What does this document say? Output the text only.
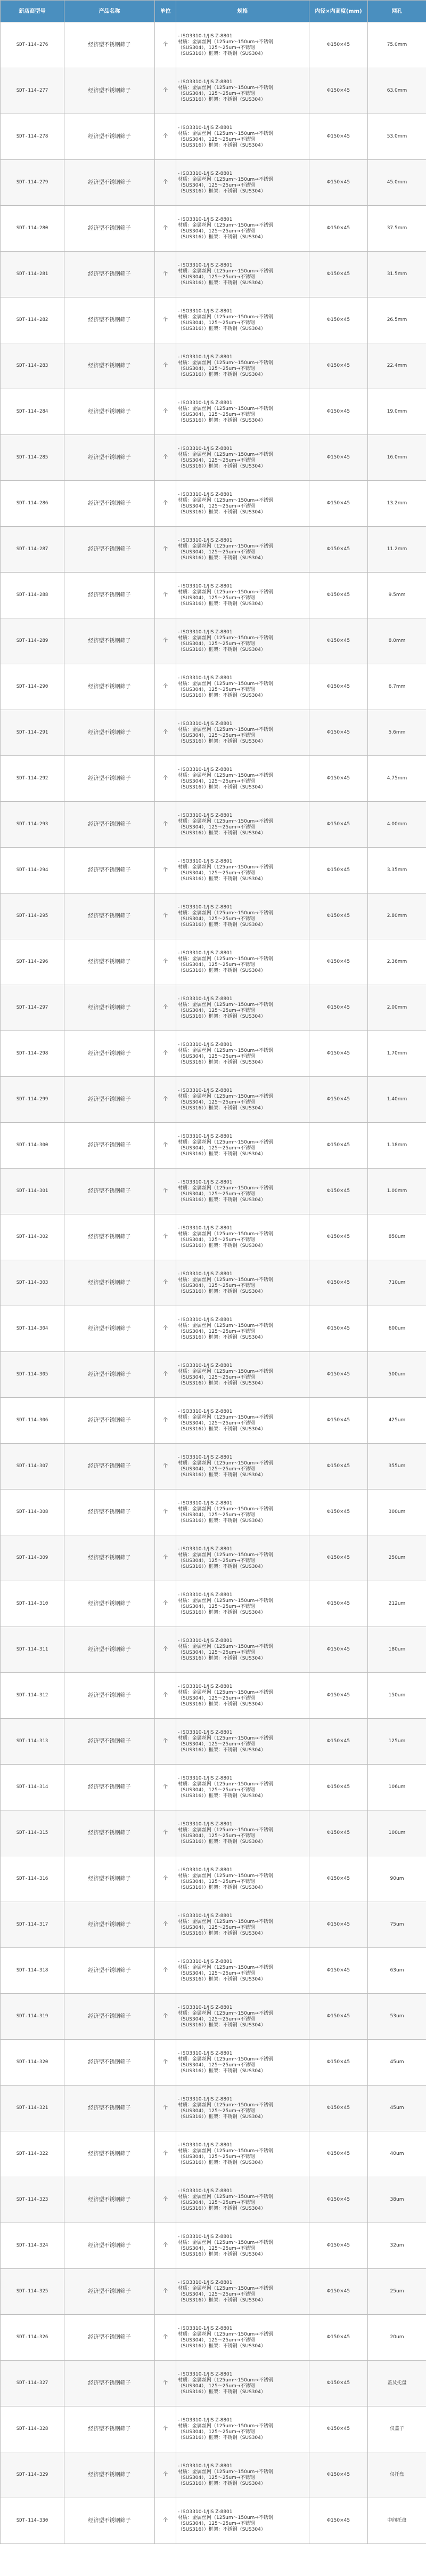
新店商型号	产品名称	单位	规格	内径×内高度(mm)	网孔
SDT-114-276	经济型不锈钢筛子	个	- ISO3310-1/JIS Z-8801
材质：金属丝网（125um～150um→不锈钢
（SUS304），125～25um→不锈钢
（SUS316））框架：不锈钢（SUS304）	Φ150×45	75.0mm
SDT-114-277	经济型不锈钢筛子	个	- ISO3310-1/JIS Z-8801
材质：金属丝网（125um～150um→不锈钢
（SUS304），125～25um→不锈钢
（SUS316））框架：不锈钢（SUS304）	Φ150×45	63.0mm
SDT-114-278	经济型不锈钢筛子	个	- ISO3310-1/JIS Z-8801
材质：金属丝网（125um～150um→不锈钢
（SUS304），125～25um→不锈钢
（SUS316））框架：不锈钢（SUS304）	Φ150×45	53.0mm
SDT-114-279	经济型不锈钢筛子	个	- ISO3310-1/JIS Z-8801
材质：金属丝网（125um～150um→不锈钢
（SUS304），125～25um→不锈钢
（SUS316））框架：不锈钢（SUS304）	Φ150×45	45.0mm
SDT-114-280	经济型不锈钢筛子	个	- ISO3310-1/JIS Z-8801
材质：金属丝网（125um～150um→不锈钢
（SUS304），125～25um→不锈钢
（SUS316））框架：不锈钢（SUS304）	Φ150×45	37.5mm
SDT-114-281	经济型不锈钢筛子	个	- ISO3310-1/JIS Z-8801
材质：金属丝网（125um～150um→不锈钢
（SUS304），125～25um→不锈钢
（SUS316））框架：不锈钢（SUS304）	Φ150×45	31.5mm
SDT-114-282	经济型不锈钢筛子	个	- ISO3310-1/JIS Z-8801
材质：金属丝网（125um～150um→不锈钢
（SUS304），125～25um→不锈钢
（SUS316））框架：不锈钢（SUS304）	Φ150×45	26.5mm
SDT-114-283	经济型不锈钢筛子	个	- ISO3310-1/JIS Z-8801
材质：金属丝网（125um～150um→不锈钢
（SUS304），125～25um→不锈钢
（SUS316））框架：不锈钢（SUS304）	Φ150×45	22.4mm
SDT-114-284	经济型不锈钢筛子	个	- ISO3310-1/JIS Z-8801
材质：金属丝网（125um～150um→不锈钢
（SUS304），125～25um→不锈钢
（SUS316））框架：不锈钢（SUS304）	Φ150×45	19.0mm
SDT-114-285	经济型不锈钢筛子	个	- ISO3310-1/JIS Z-8801
材质：金属丝网（125um～150um→不锈钢
（SUS304），125～25um→不锈钢
（SUS316））框架：不锈钢（SUS304）	Φ150×45	16.0mm
SDT-114-286	经济型不锈钢筛子	个	- ISO3310-1/JIS Z-8801
材质：金属丝网（125um～150um→不锈钢
（SUS304），125～25um→不锈钢
（SUS316））框架：不锈钢（SUS304）	Φ150×45	13.2mm
SDT-114-287	经济型不锈钢筛子	个	- ISO3310-1/JIS Z-8801
材质：金属丝网（125um～150um→不锈钢
（SUS304），125～25um→不锈钢
（SUS316））框架：不锈钢（SUS304）	Φ150×45	11.2mm
SDT-114-288	经济型不锈钢筛子	个	- ISO3310-1/JIS Z-8801
材质：金属丝网（125um～150um→不锈钢
（SUS304），125～25um→不锈钢
（SUS316））框架：不锈钢（SUS304）	Φ150×45	9.5mm
SDT-114-289	经济型不锈钢筛子	个	- ISO3310-1/JIS Z-8801
材质：金属丝网（125um～150um→不锈钢
（SUS304），125～25um→不锈钢
（SUS316））框架：不锈钢（SUS304）	Φ150×45	8.0mm
SDT-114-290	经济型不锈钢筛子	个	- ISO3310-1/JIS Z-8801
材质：金属丝网（125um～150um→不锈钢
（SUS304），125～25um→不锈钢
（SUS316））框架：不锈钢（SUS304）	Φ150×45	6.7mm
SDT-114-291	经济型不锈钢筛子	个	- ISO3310-1/JIS Z-8801
材质：金属丝网（125um～150um→不锈钢
（SUS304），125～25um→不锈钢
（SUS316））框架：不锈钢（SUS304）	Φ150×45	5.6mm
SDT-114-292	经济型不锈钢筛子	个	- ISO3310-1/JIS Z-8801
材质：金属丝网（125um～150um→不锈钢
（SUS304），125～25um→不锈钢
（SUS316））框架：不锈钢（SUS304）	Φ150×45	4.75mm
SDT-114-293	经济型不锈钢筛子	个	- ISO3310-1/JIS Z-8801
材质：金属丝网（125um～150um→不锈钢
（SUS304），125～25um→不锈钢
（SUS316））框架：不锈钢（SUS304）	Φ150×45	4.00mm
SDT-114-294	经济型不锈钢筛子	个	- ISO3310-1/JIS Z-8801
材质：金属丝网（125um～150um→不锈钢
（SUS304），125～25um→不锈钢
（SUS316））框架：不锈钢（SUS304）	Φ150×45	3.35mm
SDT-114-295	经济型不锈钢筛子	个	- ISO3310-1/JIS Z-8801
材质：金属丝网（125um～150um→不锈钢
（SUS304），125～25um→不锈钢
（SUS316））框架：不锈钢（SUS304）	Φ150×45	2.80mm
SDT-114-296	经济型不锈钢筛子	个	- ISO3310-1/JIS Z-8801
材质：金属丝网（125um～150um→不锈钢
（SUS304），125～25um→不锈钢
（SUS316））框架：不锈钢（SUS304）	Φ150×45	2.36mm
SDT-114-297	经济型不锈钢筛子	个	- ISO3310-1/JIS Z-8801
材质：金属丝网（125um～150um→不锈钢
（SUS304），125～25um→不锈钢
（SUS316））框架：不锈钢（SUS304）	Φ150×45	2.00mm
SDT-114-298	经济型不锈钢筛子	个	- ISO3310-1/JIS Z-8801
材质：金属丝网（125um～150um→不锈钢
（SUS304），125～25um→不锈钢
（SUS316））框架：不锈钢（SUS304）	Φ150×45	1.70mm
SDT-114-299	经济型不锈钢筛子	个	- ISO3310-1/JIS Z-8801
材质：金属丝网（125um～150um→不锈钢
（SUS304），125～25um→不锈钢
（SUS316））框架：不锈钢（SUS304）	Φ150×45	1.40mm
SDT-114-300	经济型不锈钢筛子	个	- ISO3310-1/JIS Z-8801
材质：金属丝网（125um～150um→不锈钢
（SUS304），125～25um→不锈钢
（SUS316））框架：不锈钢（SUS304）	Φ150×45	1.18mm
SDT-114-301	经济型不锈钢筛子	个	- ISO3310-1/JIS Z-8801
材质：金属丝网（125um～150um→不锈钢
（SUS304），125～25um→不锈钢
（SUS316））框架：不锈钢（SUS304）	Φ150×45	1.00mm
SDT-114-302	经济型不锈钢筛子	个	- ISO3310-1/JIS Z-8801
材质：金属丝网（125um～150um→不锈钢
（SUS304），125～25um→不锈钢
（SUS316））框架：不锈钢（SUS304）	Φ150×45	850um
SDT-114-303	经济型不锈钢筛子	个	- ISO3310-1/JIS Z-8801
材质：金属丝网（125um～150um→不锈钢
（SUS304），125～25um→不锈钢
（SUS316））框架：不锈钢（SUS304）	Φ150×45	710um
SDT-114-304	经济型不锈钢筛子	个	- ISO3310-1/JIS Z-8801
材质：金属丝网（125um～150um→不锈钢
（SUS304），125～25um→不锈钢
（SUS316））框架：不锈钢（SUS304）	Φ150×45	600um
SDT-114-305	经济型不锈钢筛子	个	- ISO3310-1/JIS Z-8801
材质：金属丝网（125um～150um→不锈钢
（SUS304），125～25um→不锈钢
（SUS316））框架：不锈钢（SUS304）	Φ150×45	500um
SDT-114-306	经济型不锈钢筛子	个	- ISO3310-1/JIS Z-8801
材质：金属丝网（125um～150um→不锈钢
（SUS304），125～25um→不锈钢
（SUS316））框架：不锈钢（SUS304）	Φ150×45	425um
SDT-114-307	经济型不锈钢筛子	个	- ISO3310-1/JIS Z-8801
材质：金属丝网（125um～150um→不锈钢
（SUS304），125～25um→不锈钢
（SUS316））框架：不锈钢（SUS304）	Φ150×45	355um
SDT-114-308	经济型不锈钢筛子	个	- ISO3310-1/JIS Z-8801
材质：金属丝网（125um～150um→不锈钢
（SUS304），125～25um→不锈钢
（SUS316））框架：不锈钢（SUS304）	Φ150×45	300um
SDT-114-309	经济型不锈钢筛子	个	- ISO3310-1/JIS Z-8801
材质：金属丝网（125um～150um→不锈钢
（SUS304），125～25um→不锈钢
（SUS316））框架：不锈钢（SUS304）	Φ150×45	250um
SDT-114-310	经济型不锈钢筛子	个	- ISO3310-1/JIS Z-8801
材质：金属丝网（125um～150um→不锈钢
（SUS304），125～25um→不锈钢
（SUS316））框架：不锈钢（SUS304）	Φ150×45	212um
SDT-114-311	经济型不锈钢筛子	个	- ISO3310-1/JIS Z-8801
材质：金属丝网（125um～150um→不锈钢
（SUS304），125～25um→不锈钢
（SUS316））框架：不锈钢（SUS304）	Φ150×45	180um
SDT-114-312	经济型不锈钢筛子	个	- ISO3310-1/JIS Z-8801
材质：金属丝网（125um～150um→不锈钢
（SUS304），125～25um→不锈钢
（SUS316））框架：不锈钢（SUS304）	Φ150×45	150um
SDT-114-313	经济型不锈钢筛子	个	- ISO3310-1/JIS Z-8801
材质：金属丝网（125um～150um→不锈钢
（SUS304），125～25um→不锈钢
（SUS316））框架：不锈钢（SUS304）	Φ150×45	125um
SDT-114-314	经济型不锈钢筛子	个	- ISO3310-1/JIS Z-8801
材质：金属丝网（125um～150um→不锈钢
（SUS304），125～25um→不锈钢
（SUS316））框架：不锈钢（SUS304）	Φ150×45	106um
SDT-114-315	经济型不锈钢筛子	个	- ISO3310-1/JIS Z-8801
材质：金属丝网（125um～150um→不锈钢
（SUS304），125～25um→不锈钢
（SUS316））框架：不锈钢（SUS304）	Φ150×45	100um
SDT-114-316	经济型不锈钢筛子	个	- ISO3310-1/JIS Z-8801
材质：金属丝网（125um～150um→不锈钢
（SUS304），125～25um→不锈钢
（SUS316））框架：不锈钢（SUS304）	Φ150×45	90um
SDT-114-317	经济型不锈钢筛子	个	- ISO3310-1/JIS Z-8801
材质：金属丝网（125um～150um→不锈钢
（SUS304），125～25um→不锈钢
（SUS316））框架：不锈钢（SUS304）	Φ150×45	75um
SDT-114-318	经济型不锈钢筛子	个	- ISO3310-1/JIS Z-8801
材质：金属丝网（125um～150um→不锈钢
（SUS304），125～25um→不锈钢
（SUS316））框架：不锈钢（SUS304）	Φ150×45	63um
SDT-114-319	经济型不锈钢筛子	个	- ISO3310-1/JIS Z-8801
材质：金属丝网（125um～150um→不锈钢
（SUS304），125～25um→不锈钢
（SUS316））框架：不锈钢（SUS304）	Φ150×45	53um
SDT-114-320	经济型不锈钢筛子	个	- ISO3310-1/JIS Z-8801
材质：金属丝网（125um～150um→不锈钢
（SUS304），125～25um→不锈钢
（SUS316））框架：不锈钢（SUS304）	Φ150×45	45um
SDT-114-321	经济型不锈钢筛子	个	- ISO3310-1/JIS Z-8801
材质：金属丝网（125um～150um→不锈钢
（SUS304），125～25um→不锈钢
（SUS316））框架：不锈钢（SUS304）	Φ150×45	45um
SDT-114-322	经济型不锈钢筛子	个	- ISO3310-1/JIS Z-8801
材质：金属丝网（125um～150um→不锈钢
（SUS304），125～25um→不锈钢
（SUS316））框架：不锈钢（SUS304）	Φ150×45	40um
SDT-114-323	经济型不锈钢筛子	个	- ISO3310-1/JIS Z-8801
材质：金属丝网（125um～150um→不锈钢
（SUS304），125～25um→不锈钢
（SUS316））框架：不锈钢（SUS304）	Φ150×45	38um
SDT-114-324	经济型不锈钢筛子	个	- ISO3310-1/JIS Z-8801
材质：金属丝网（125um～150um→不锈钢
（SUS304），125～25um→不锈钢
（SUS316））框架：不锈钢（SUS304）	Φ150×45	32um
SDT-114-325	经济型不锈钢筛子	个	- ISO3310-1/JIS Z-8801
材质：金属丝网（125um～150um→不锈钢
（SUS304），125～25um→不锈钢
（SUS316））框架：不锈钢（SUS304）	Φ150×45	25um
SDT-114-326	经济型不锈钢筛子	个	- ISO3310-1/JIS Z-8801
材质：金属丝网（125um～150um→不锈钢
（SUS304），125～25um→不锈钢
（SUS316））框架：不锈钢（SUS304）	Φ150×45	20um
SDT-114-327	经济型不锈钢筛子	个	- ISO3310-1/JIS Z-8801
材质：金属丝网（125um～150um→不锈钢
（SUS304），125～25um→不锈钢
（SUS316））框架：不锈钢（SUS304）	Φ150×45	盖及托盘
SDT-114-328	经济型不锈钢筛子	个	- ISO3310-1/JIS Z-8801
材质：金属丝网（125um～150um→不锈钢
（SUS304），125～25um→不锈钢
（SUS316））框架：不锈钢（SUS304）	Φ150×45	仅盖子
SDT-114-329	经济型不锈钢筛子	个	- ISO3310-1/JIS Z-8801
材质：金属丝网（125um～150um→不锈钢
（SUS304），125～25um→不锈钢
（SUS316））框架：不锈钢（SUS304）	Φ150×45	仅托盘
SDT-114-330	经济型不锈钢筛子	个	- ISO3310-1/JIS Z-8801
材质：金属丝网（125um～150um→不锈钢
（SUS304），125～25um→不锈钢
（SUS316））框架：不锈钢（SUS304）	Φ150×45	中间托盘
